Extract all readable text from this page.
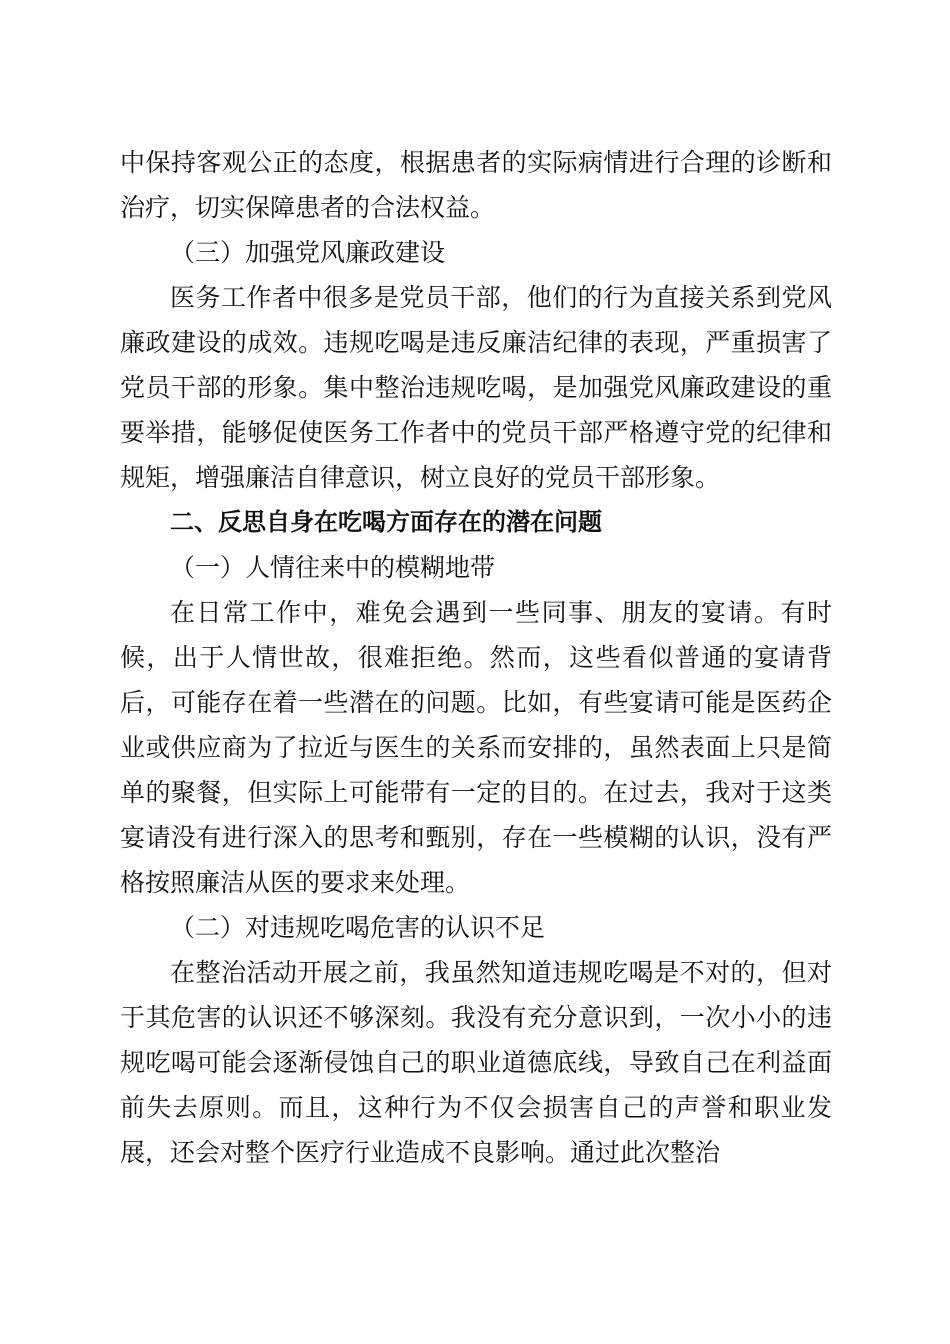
中保持客观公正的态度，根据患者的实际病情进行合理的诊断和治疗，切实保障患者的合法权益。

（三）加强党风廉政建设

医务工作者中很多是党员干部，他们的行为直接关系到党风廉政建设的成效。违规吃喝是违反廉洁纪律的表现，严重损害了党员干部的形象。集中整治违规吃喝，是加强党风廉政建设的重要举措，能够促使医务工作者中的党员干部严格遵守党的纪律和规矩，增强廉洁自律意识，树立良好的党员干部形象。

二、反思自身在吃喝方面存在的潜在问题

（一）人情往来中的模糊地带

在日常工作中，难免会遇到一些同事、朋友的宴请。有时候，出于人情世故，很难拒绝。然而，这些看似普通的宴请背后，可能存在着一些潜在的问题。比如，有些宴请可能是医药企业或供应商为了拉近与医生的关系而安排的，虽然表面上只是简单的聚餐，但实际上可能带有一定的目的。在过去，我对于这类宴请没有进行深入的思考和甄别，存在一些模糊的认识，没有严格按照廉洁从医的要求来处理。

（二）对违规吃喝危害的认识不足

在整治活动开展之前，我虽然知道违规吃喝是不对的，但对于其危害的认识还不够深刻。我没有充分意识到，一次小小的违规吃喝可能会逐渐侵蚀自己的职业道德底线，导致自己在利益面前失去原则。而且，这种行为不仅会损害自己的声誉和职业发展，还会对整个医疗行业造成不良影响。通过此次整治
